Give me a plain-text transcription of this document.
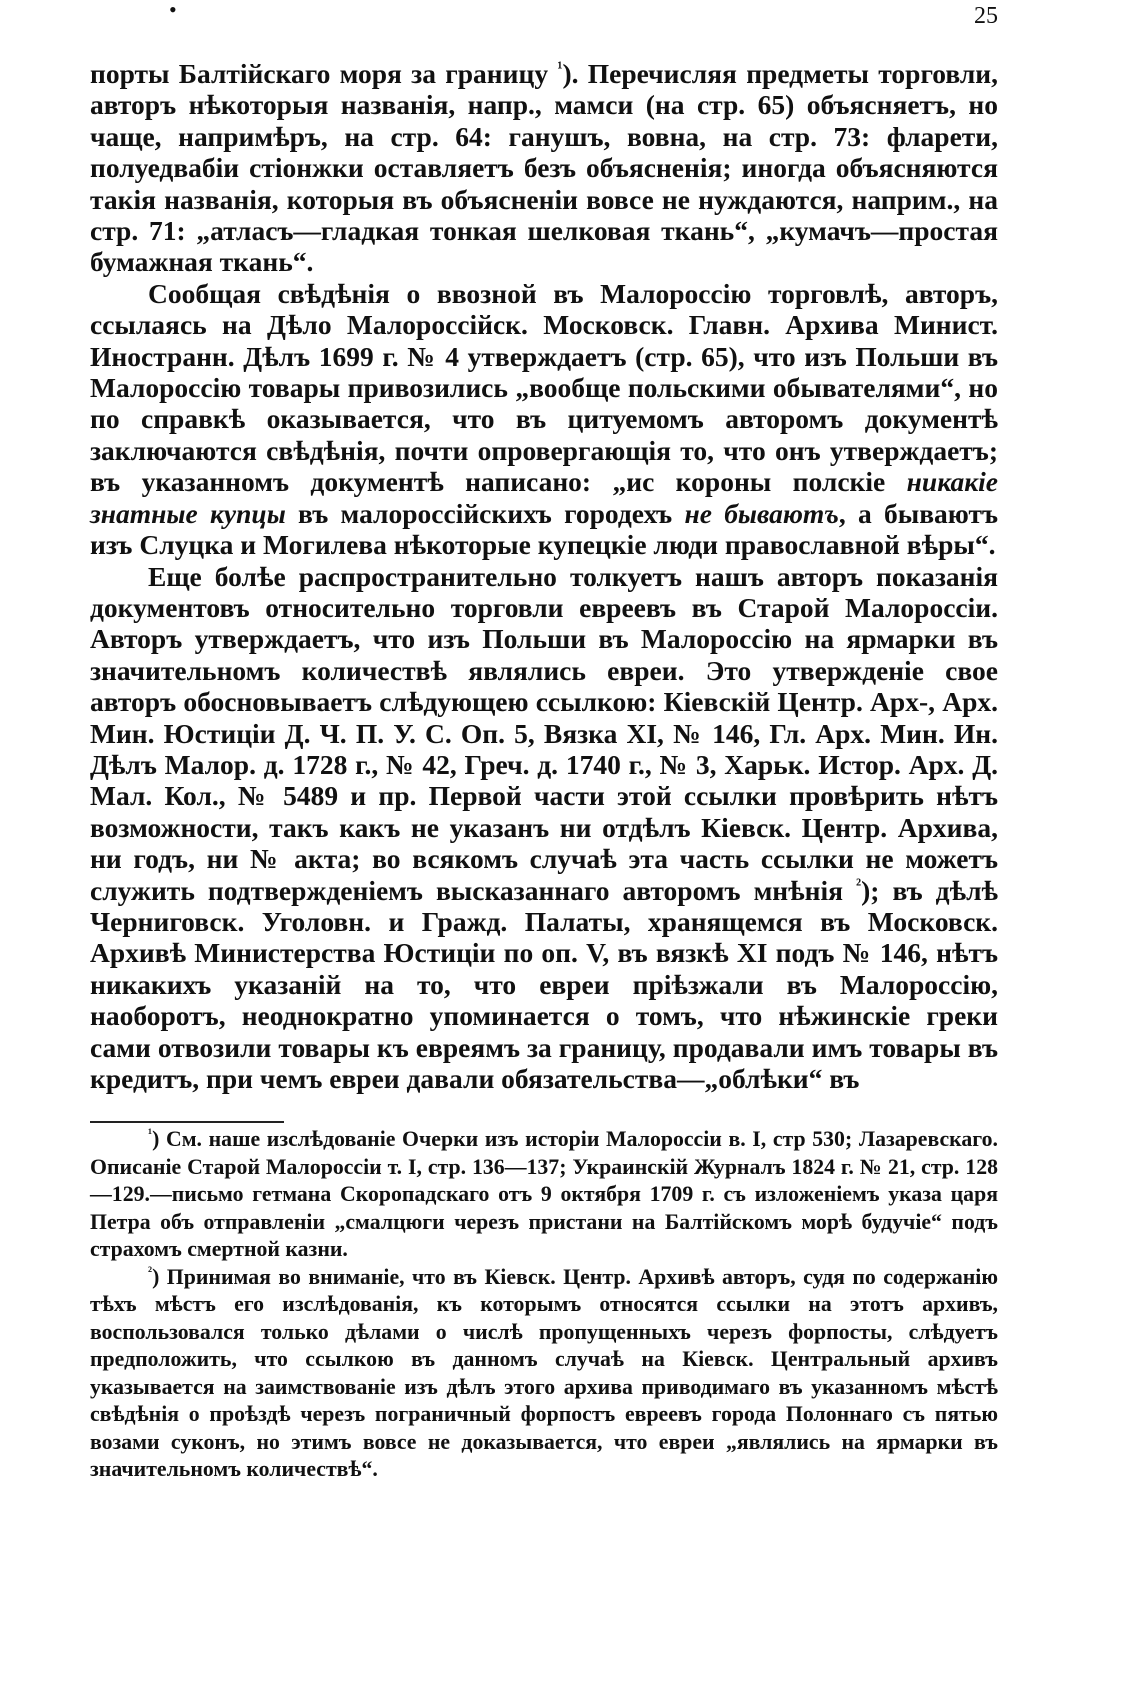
•	25

порты Балтійскаго моря за границу $^{^1}$). Перечисляя предметы торговли, авторъ нѣкоторыя названія, напр., мамси (на стр. 65) объясняетъ, но чаще, напримѣръ, на стр. 64: ганушъ, вовна, на стр. 73: фларети, полуедвабіи стіонжки оставляетъ безъ объясненія; иногда объясняются такія названія, которыя въ объясненіи вовсе не нуждаются, наприм., на стр. 71: „атласъ—гладкая тонкая шелковая ткань“, „кумачъ—простая бумажная ткань“.

Сообщая свѣдѣнія о ввозной въ Малороссію торговлѣ, авторъ, ссылаясь на Дѣло Малороссійск. Московск. Главн. Архива Минист. Иностранн. Дѣлъ 1699 г. № 4 утверждаетъ (стр. 65), что изъ Польши въ Малороссію товары привозились „вообще польскими обывателями“, но по справкѣ оказывается, что въ цитуемомъ авторомъ документѣ заключаются свѣдѣнія, почти опровергающія то, что онъ утверждаетъ; въ указанномъ документѣ написано: „ис короны полскіе никакіе знатные купцы въ малороссійскихъ городехъ не бываютъ, а бываютъ изъ Слуцка и Могилева нѣкоторые купецкіе люди православной вѣры“.

Еще болѣе распространительно толкуетъ нашъ авторъ показанія документовъ относительно торговли евреевъ въ Старой Малороссіи. Авторъ утверждаетъ, что изъ Польши въ Малороссію на ярмарки въ значительномъ количествѣ являлись евреи. Это утвержденіе свое авторъ обосновываетъ слѣдующею ссылкою: Кіевскій Центр. Арх-, Арх. Мин. Юстиціи Д. Ч. П. У. С. Оп. 5, Вязка XI, № 146, Гл. Арх. Мин. Ин. Дѣлъ Малор. д. 1728 г., № 42, Греч. д. 1740 г., № 3, Харьк. Истор. Арх. Д. Мал. Кол., № 5489 и пр. Первой части этой ссылки провѣрить нѣтъ возможности, такъ какъ не указанъ ни отдѣлъ Кіевск. Центр. Архива, ни годъ, ни № акта; во всякомъ случаѣ эта часть ссылки не можетъ служить подтвержденіемъ высказаннаго авторомъ мнѣнія $^{^2}$); въ дѣлѣ Черниговск. Уголовн. и Гражд. Палаты, хранящемся въ Московск. Архивѣ Министерства Юстиціи по оп. V, въ вязкѣ XI подъ № 146, нѣтъ никакихъ указаній на то, что евреи пріѣзжали въ Малороссію, наоборотъ, неоднократно упоминается о томъ, что нѣжинскіе греки сами отвозили товары къ евреямъ за границу, продавали имъ товары въ кредитъ, при чемъ евреи давали обязательства—„облѣки“ въ

$^{^1}$) См. наше изслѣдованіе Очерки изъ исторіи Малороссіи в. I, стр 530; Лазаревскаго. Описаніе Старой Малороссіи т. I, стр. 136—137; Украинскій Журналъ 1824 г. № 21, стр. 128—129.—письмо гетмана Скоропадскаго отъ 9 октября 1709 г. съ изложеніемъ указа царя Петра объ отправленіи „смалцюги черезъ пристани на Балтійскомъ морѣ будучіе“ подъ страхомъ смертной казни.

$^{^2}$) Принимая во вниманіе, что въ Кіевск. Центр. Архивѣ авторъ, судя по содержанію тѣхъ мѣстъ его изслѣдованія, къ которымъ относятся ссылки на этотъ архивъ, воспользовался только дѣлами о числѣ пропущенныхъ черезъ форпосты, слѣдуетъ предположить, что ссылкою въ данномъ случаѣ на Кіевск. Центральный архивъ указывается на заимствованіе изъ дѣлъ этого архива приводимаго въ указанномъ мѣстѣ свѣдѣнія о проѣздѣ черезъ пограничный форпостъ евреевъ города Полоннаго съ пятью возами суконъ, но этимъ вовсе не доказывается, что евреи „являлись на ярмарки въ значительномъ количествѣ“.
